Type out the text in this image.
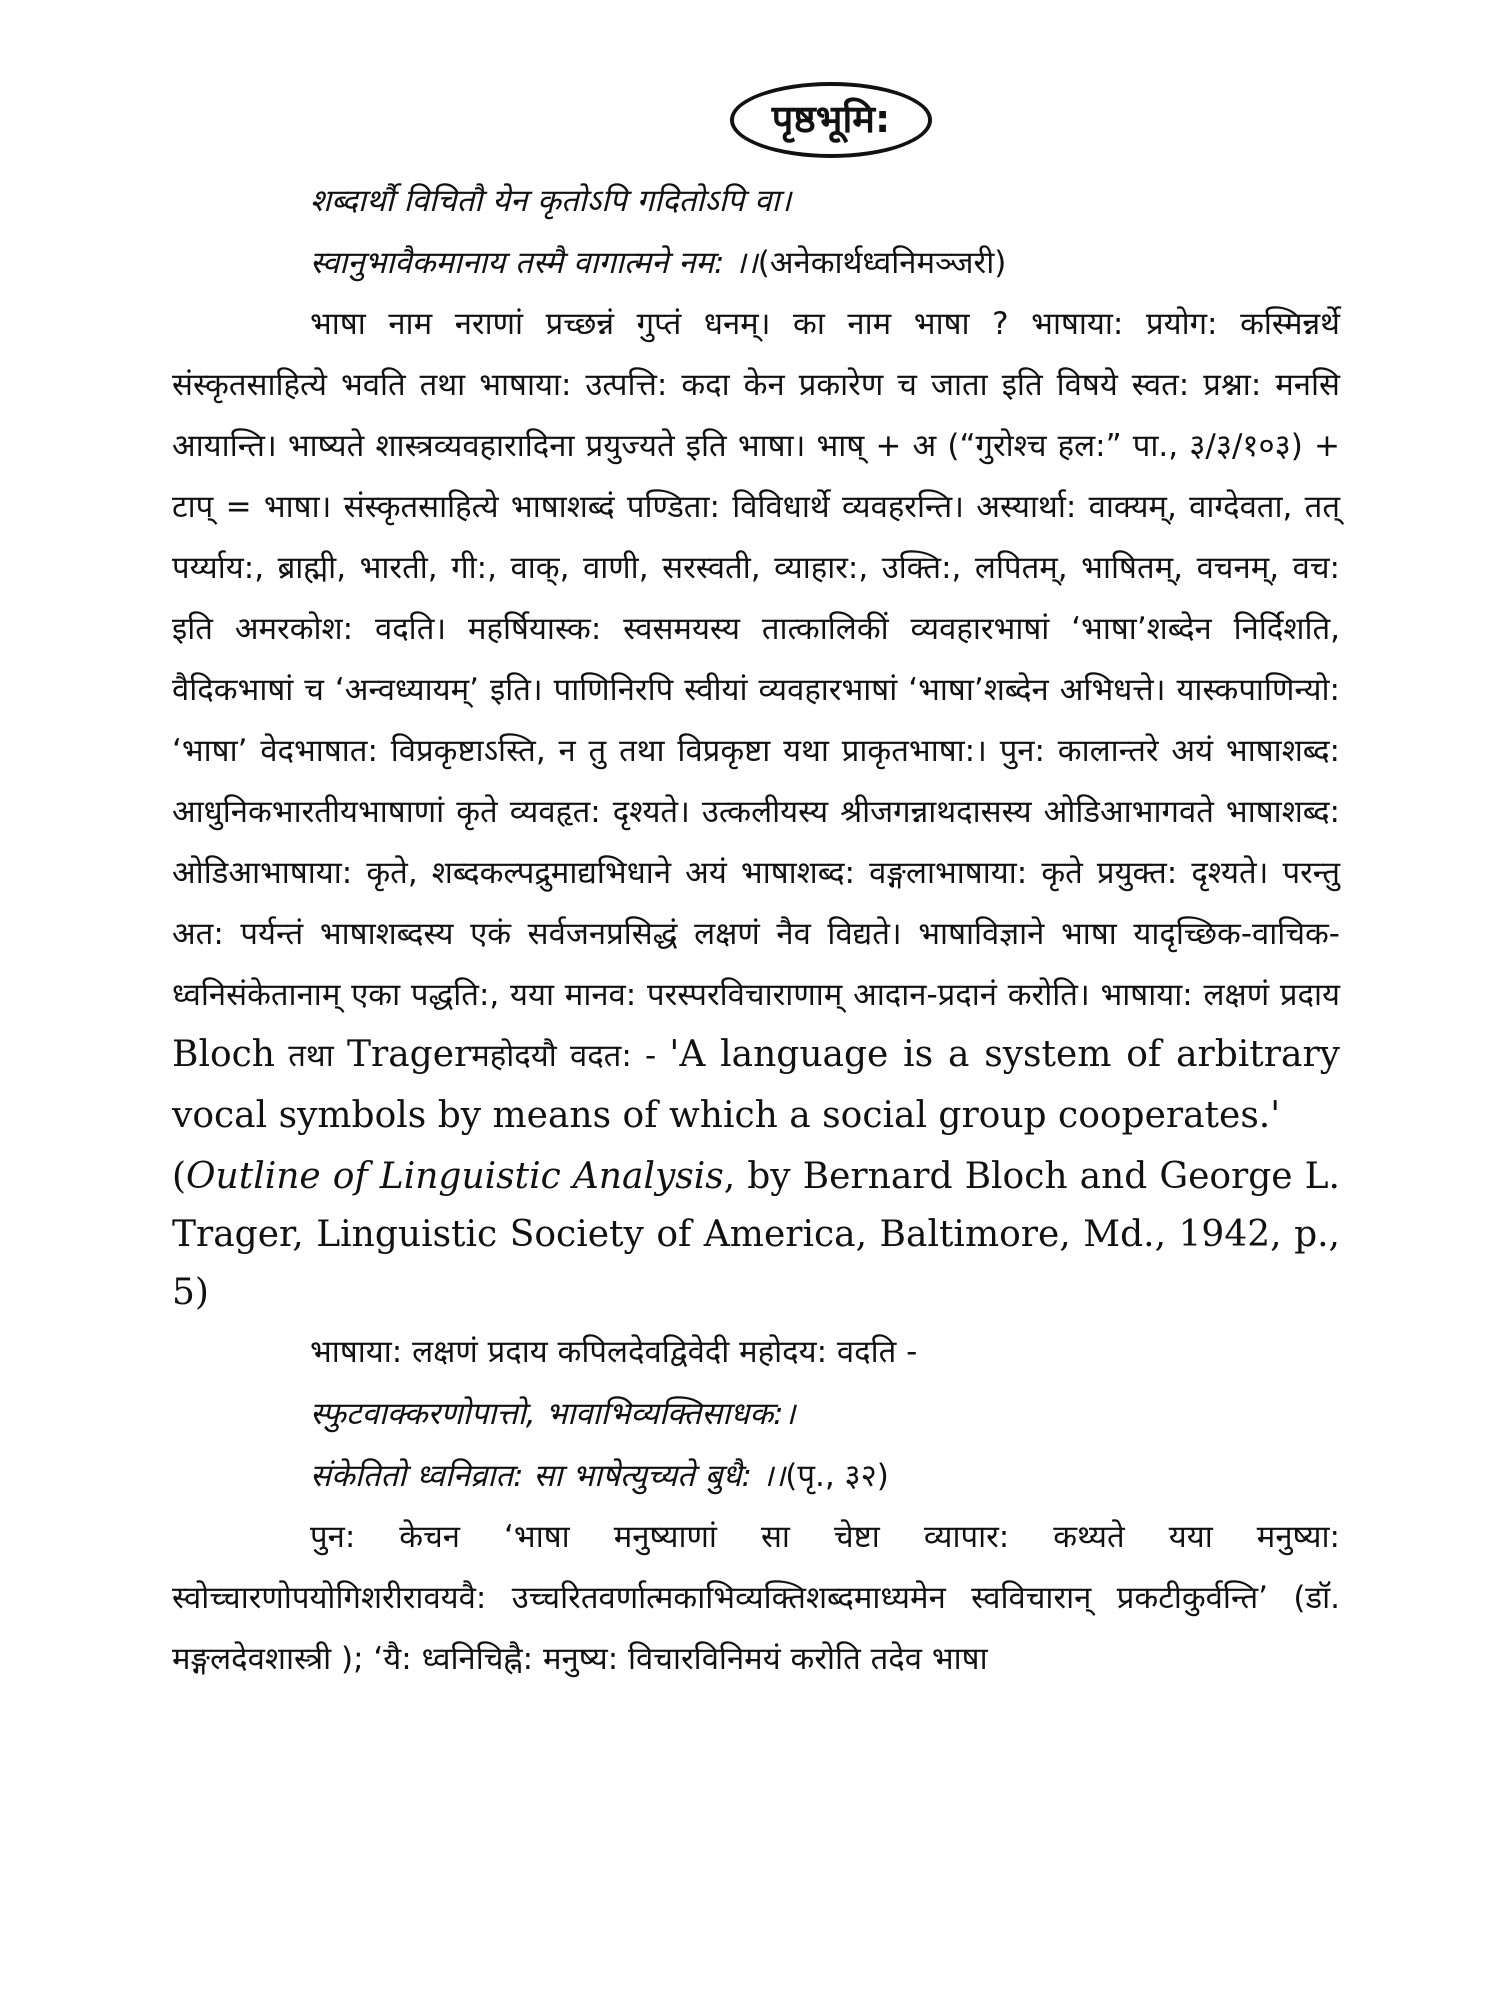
पृष्ठभूमि:
शब्दार्थौ विचितौ येन कृतोऽपि गदितोऽपि वा।
स्वानुभावैकमानाय तस्मै वागात्मने नम: ।।(अनेकार्थध्वनिमञ्जरी)

भाषा नाम नराणां प्रच्छन्नं गुप्तं धनम्। का नाम भाषा ? भाषाया: प्रयोग: कस्मिन्नर्थे संस्कृतसाहित्ये भवति तथा भाषाया: उत्पत्ति: कदा केन प्रकारेण च जाता इति विषये स्वत: प्रश्ना: मनसि आयान्ति। भाष्यते शास्त्रव्यवहारादिना प्रयुज्यते इति भाषा। भाष् + अ (“गुरोश्च हल:” पा., ३/३/१०३) + टाप् = भाषा। संस्कृतसाहित्ये भाषाशब्दं पण्डिता: विविधार्थे व्यवहरन्ति। अस्यार्था: वाक्यम्, वाग्देवता, तत् पर्य्याय:, ब्राह्मी, भारती, गी:, वाक्, वाणी, सरस्वती, व्याहार:, उक्ति:, लपितम्, भाषितम्, वचनम्, वच: इति अमरकोश: वदति। महर्षियास्क: स्वसमयस्य तात्कालिकीं व्यवहारभाषां ‘भाषा’शब्देन निर्दिशति, वैदिकभाषां च ‘अन्वध्यायम्’ इति। पाणिनिरपि स्वीयां व्यवहारभाषां ‘भाषा’शब्देन अभिधत्ते। यास्कपाणिन्यो: ‘भाषा’ वेदभाषात: विप्रकृष्टाऽस्ति, न तु तथा विप्रकृष्टा यथा प्राकृतभाषा:। पुन: कालान्तरे अयं भाषाशब्द: आधुनिकभारतीयभाषाणां कृते व्यवहृत: दृश्यते। उत्कलीयस्य श्रीजगन्नाथदासस्य ओडिआभागवते भाषाशब्द: ओडिआभाषाया: कृते, शब्दकल्पद्रुमाद्यभिधाने अयं भाषाशब्द: वङ्गलाभाषाया: कृते प्रयुक्त: दृश्यते। परन्तु अत: पर्यन्तं भाषाशब्दस्य एकं सर्वजनप्रसिद्धं लक्षणं नैव विद्यते। भाषाविज्ञाने भाषा यादृच्छिक-वाचिक-ध्वनिसंकेतानाम् एका पद्धति:, यया मानव: परस्परविचाराणाम् आदान-प्रदानं करोति। भाषाया: लक्षणं प्रदाय Bloch तथा Tragerमहोदयौ वदत: - 'A language is a system of arbitrary vocal symbols by means of which a social group cooperates.'

(Outline of Linguistic Analysis, by Bernard Bloch and George L. Trager, Linguistic Society of America, Baltimore, Md., 1942, p., 5)

भाषाया: लक्षणं प्रदाय कपिलदेवद्विवेदी महोदय: वदति -

स्फुटवाक्करणोपात्तो, भावाभिव्यक्तिसाधक:।
संकेतितो ध्वनिव्रात: सा भाषेत्युच्यते बुधै: ।।(पृ., ३२)

पुन: केचन ‘भाषा मनुष्याणां सा चेष्टा व्यापार: कथ्यते यया मनुष्या: स्वोच्चारणोपयोगिशरीरावयवै: उच्चरितवर्णात्मकाभिव्यक्तिशब्दमाध्यमेन स्वविचारान् प्रकटीकुर्वन्ति’ (डॉ. मङ्गलदेवशास्त्री ); ‘यै: ध्वनिचिह्नै: मनुष्य: विचारविनिमयं करोति तदेव भाषा
